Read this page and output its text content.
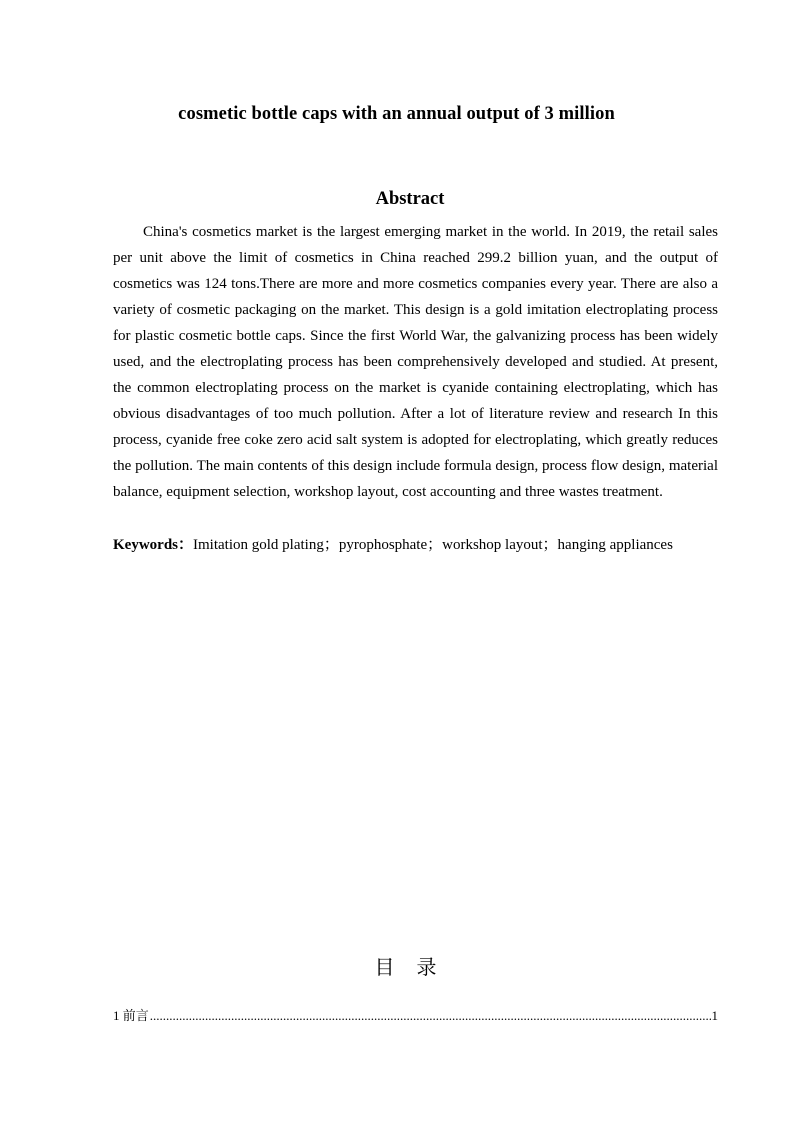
cosmetic bottle caps with an annual output of 3 million
Abstract

China's cosmetics market is the largest emerging market in the world. In 2019, the retail sales per unit above the limit of cosmetics in China reached 299.2 billion yuan, and the output of cosmetics was 124 tons.There are more and more cosmetics companies every year. There are also a variety of cosmetic packaging on the market. This design is a gold imitation electroplating process for plastic cosmetic bottle caps. Since the first World War, the galvanizing process has been widely used, and the electroplating process has been comprehensively developed and studied. At present, the common electroplating process on the market is cyanide containing electroplating, which has obvious disadvantages of too much pollution. After a lot of literature review and research In this process, cyanide free coke zero acid salt system is adopted for electroplating, which greatly reduces the pollution. The main contents of this design include formula design, process flow design, material balance, equipment selection, workshop layout, cost accounting and three wastes treatment.

Keywords：Imitation gold plating；pyrophosphate；workshop layout；hanging appliances
目录
1 前言
.....	1
